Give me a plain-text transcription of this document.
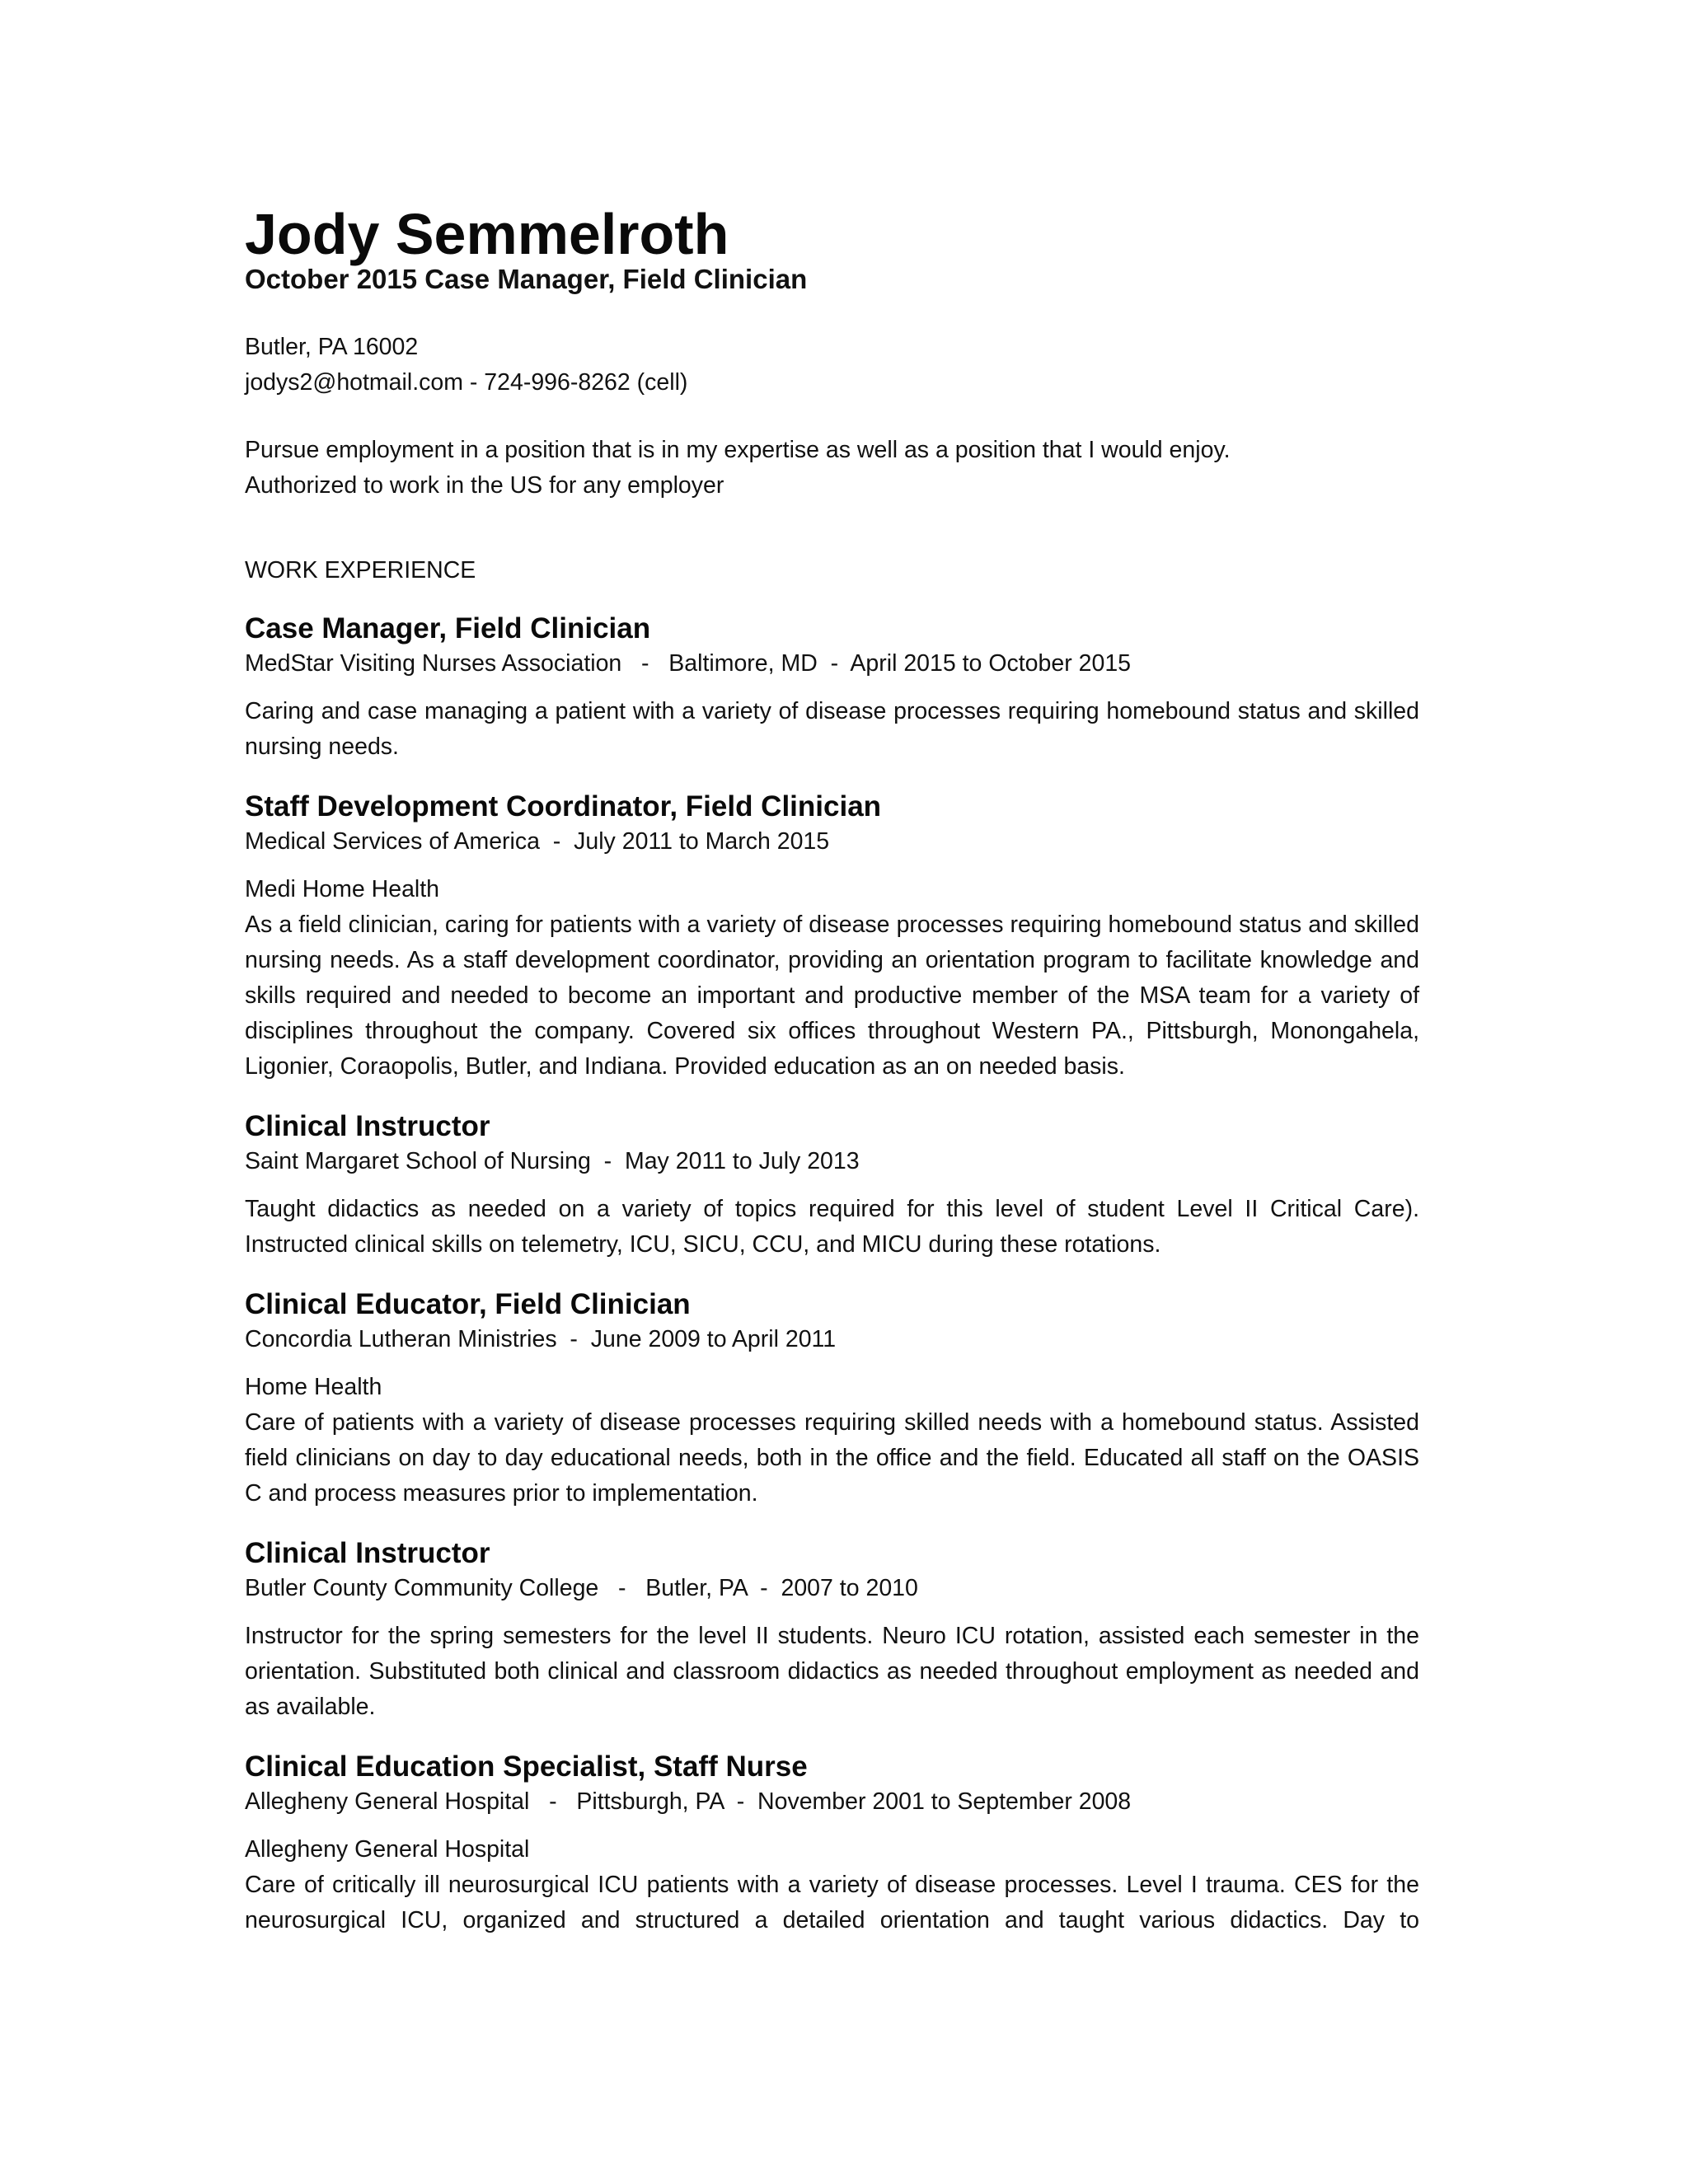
Jody Semmelroth
October 2015 Case Manager, Field Clinician
Butler, PA 16002
jodys2@hotmail.com - 724-996-8262 (cell)
Pursue employment in a position that is in my expertise as well as a position that I would enjoy.
Authorized to work in the US for any employer
WORK EXPERIENCE
Case Manager, Field Clinician
MedStar Visiting Nurses Association   -   Baltimore, MD  -  April 2015 to October 2015

Caring and case managing a patient with a variety of disease processes requiring homebound status and skilled nursing needs.

Staff Development Coordinator, Field Clinician
Medical Services of America  -  July 2011 to March 2015
Medi Home Health

As a field clinician, caring for patients with a variety of disease processes requiring homebound status and skilled nursing needs. As a staff development coordinator, providing an orientation program to facilitate knowledge and skills required and needed to become an important and productive member of the MSA team for a variety of disciplines throughout the company. Covered six offices throughout Western PA., Pittsburgh, Monongahela, Ligonier, Coraopolis, Butler, and Indiana. Provided education as an on needed basis.

Clinical Instructor
Saint Margaret School of Nursing  -  May 2011 to July 2013

Taught didactics as needed on a variety of topics required for this level of student Level II Critical Care). Instructed clinical skills on telemetry, ICU, SICU, CCU, and MICU during these rotations.

Clinical Educator, Field Clinician
Concordia Lutheran Ministries  -  June 2009 to April 2011
Home Health

Care of patients with a variety of disease processes requiring skilled needs with a homebound status. Assisted field clinicians on day to day educational needs, both in the office and the field. Educated all staff on the OASIS C and process measures prior to implementation.

Clinical Instructor
Butler County Community College   -   Butler, PA  -  2007 to 2010

Instructor for the spring semesters for the level II students. Neuro ICU rotation, assisted each semester in the orientation. Substituted both clinical and classroom didactics as needed throughout employment as needed and as available.

Clinical Education Specialist, Staff Nurse
Allegheny General Hospital   -   Pittsburgh, PA  -  November 2001 to September 2008
Allegheny General Hospital

Care of critically ill neurosurgical ICU patients with a variety of disease processes. Level I trauma. CES for the neurosurgical ICU, organized and structured a detailed orientation and taught various didactics. Day to
